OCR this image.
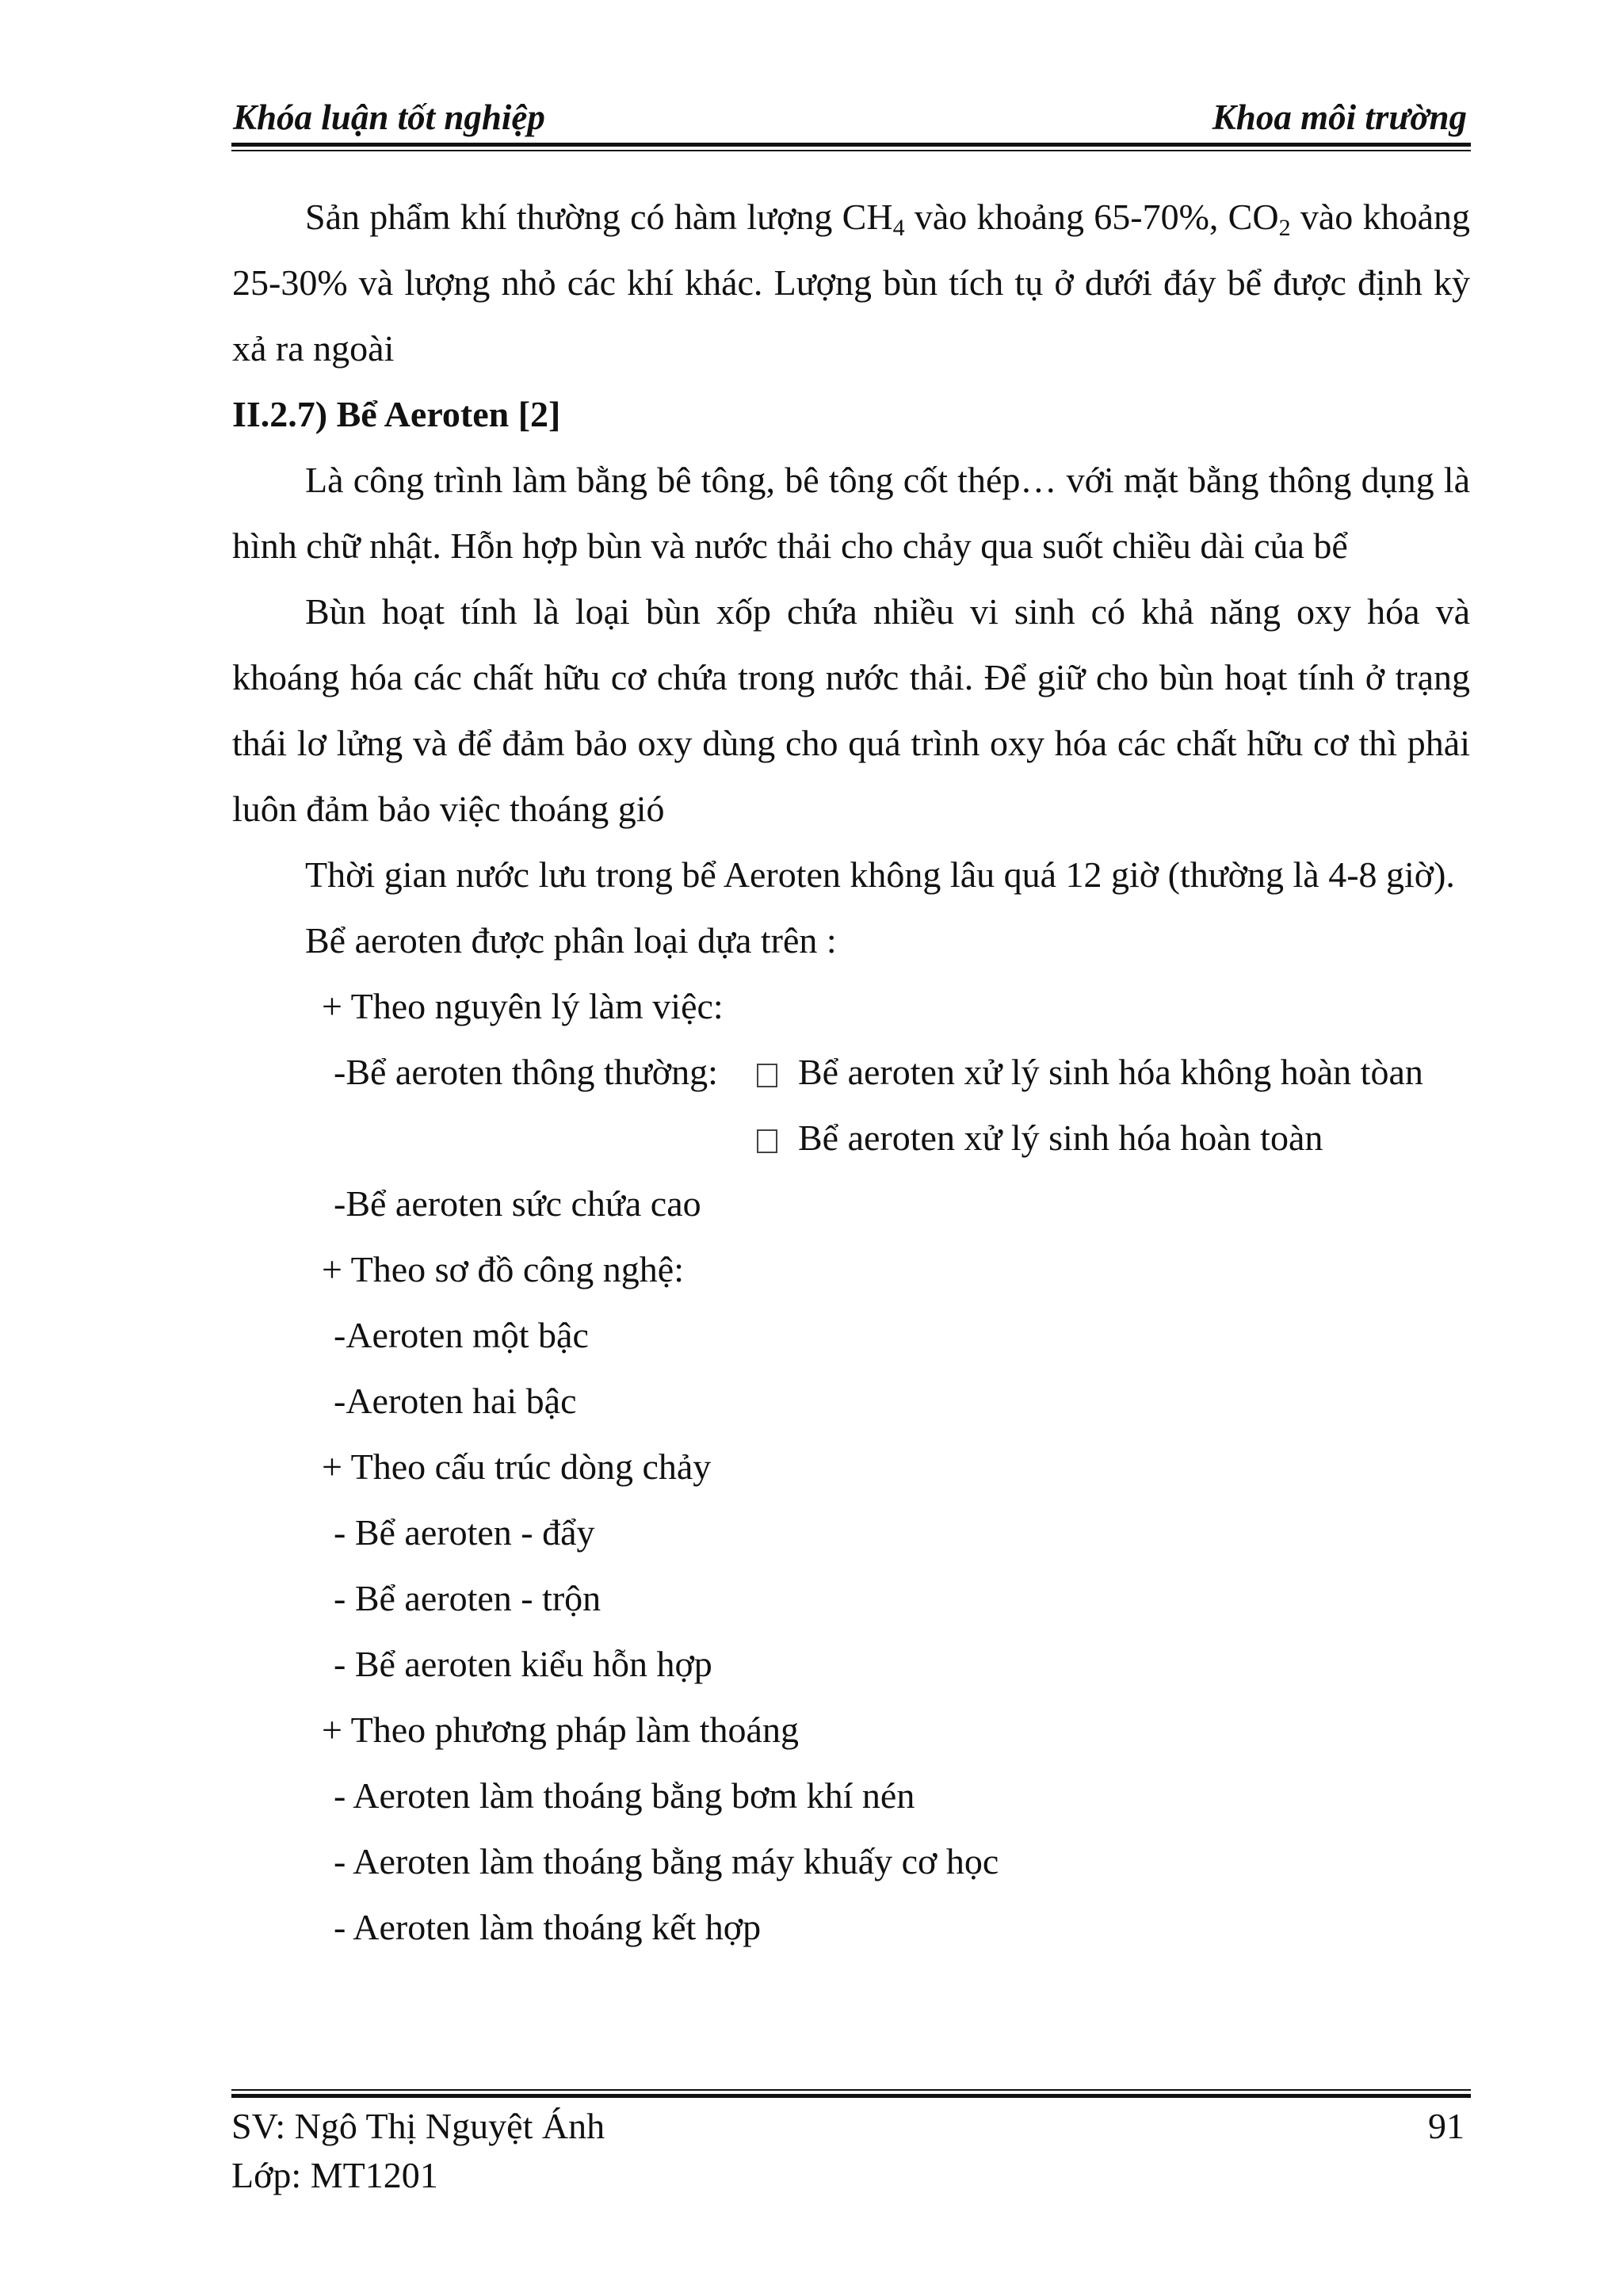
Khóa luận tốt nghiệp	Khoa môi trường

Sản phẩm khí thường có hàm lượng $CH_4$ vào khoảng 65-70%, $CO_2$ vào khoảng 25-30% và lượng nhỏ các khí khác. Lượng bùn tích tụ ở dưới đáy bể được định kỳ xả ra ngoài

II.2.7) Bể Aeroten [2]

Là công trình làm bằng bê tông, bê tông cốt thép… với mặt bằng thông dụng là hình chữ nhật. Hỗn hợp bùn và nước thải cho chảy qua suốt chiều dài của bể

Bùn hoạt tính là loại bùn xốp chứa nhiều vi sinh có khả năng oxy hóa và khoáng hóa các chất hữu cơ chứa trong nước thải. Để giữ cho bùn hoạt tính ở trạng thái lơ lửng và để đảm bảo oxy dùng cho quá trình oxy hóa các chất hữu cơ thì phải luôn đảm bảo việc thoáng gió

Thời gian nước lưu trong bể Aeroten không lâu quá 12 giờ (thường là 4-8 giờ).

Bể aeroten được phân loại dựa trên :

+ Theo nguyên lý làm việc:

-Bể aeroten thông thường:	Bể aeroten xử lý sinh hóa không hoàn tòan

Bể aeroten xử lý sinh hóa hoàn toàn

-Bể aeroten sức chứa cao

+ Theo sơ đồ công nghệ:

-Aeroten một bậc

-Aeroten hai bậc

+ Theo cấu trúc dòng chảy

- Bể aeroten - đẩy

- Bể aeroten - trộn

- Bể aeroten kiểu hỗn hợp

+ Theo phương pháp làm thoáng

- Aeroten làm thoáng bằng bơm khí nén

- Aeroten làm thoáng bằng máy khuấy cơ học

- Aeroten làm thoáng kết hợp

SV: Ngô Thị Nguyệt Ánh
Lớp: MT1201
91
